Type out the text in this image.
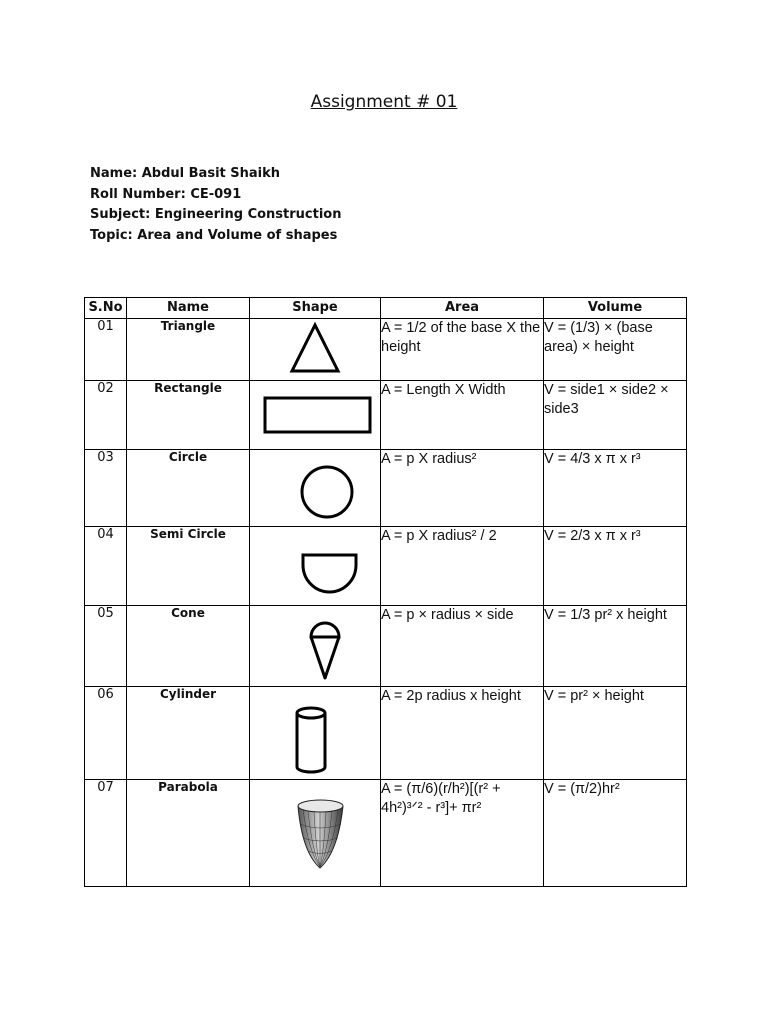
Assignment # 01
Name: Abdul Basit Shaikh
Roll Number: CE-091
Subject: Engineering Construction
Topic: Area and Volume of shapes
S.No	Name	Shape	Area	Volume
01	Triangle		A = 1/2 of the base X the height	V = (1/3) × (base area) × height
02	Rectangle		A = Length X Width	V = side1 × side2 × side3
03	Circle		A = p X radius²	V = 4/3 x π x r³
04	Semi Circle		A = p X radius² / 2	V = 2/3 x π x r³
05	Cone		A = p × radius × side	V = 1/3 pr² x height
06	Cylinder		A = 2p radius x height	V = pr² × height
07	Parabola		A = (π/6)(r/h²)[(r² + 4h²)³ᐟ² - r³]+ πr²	V = (π/2)hr²
